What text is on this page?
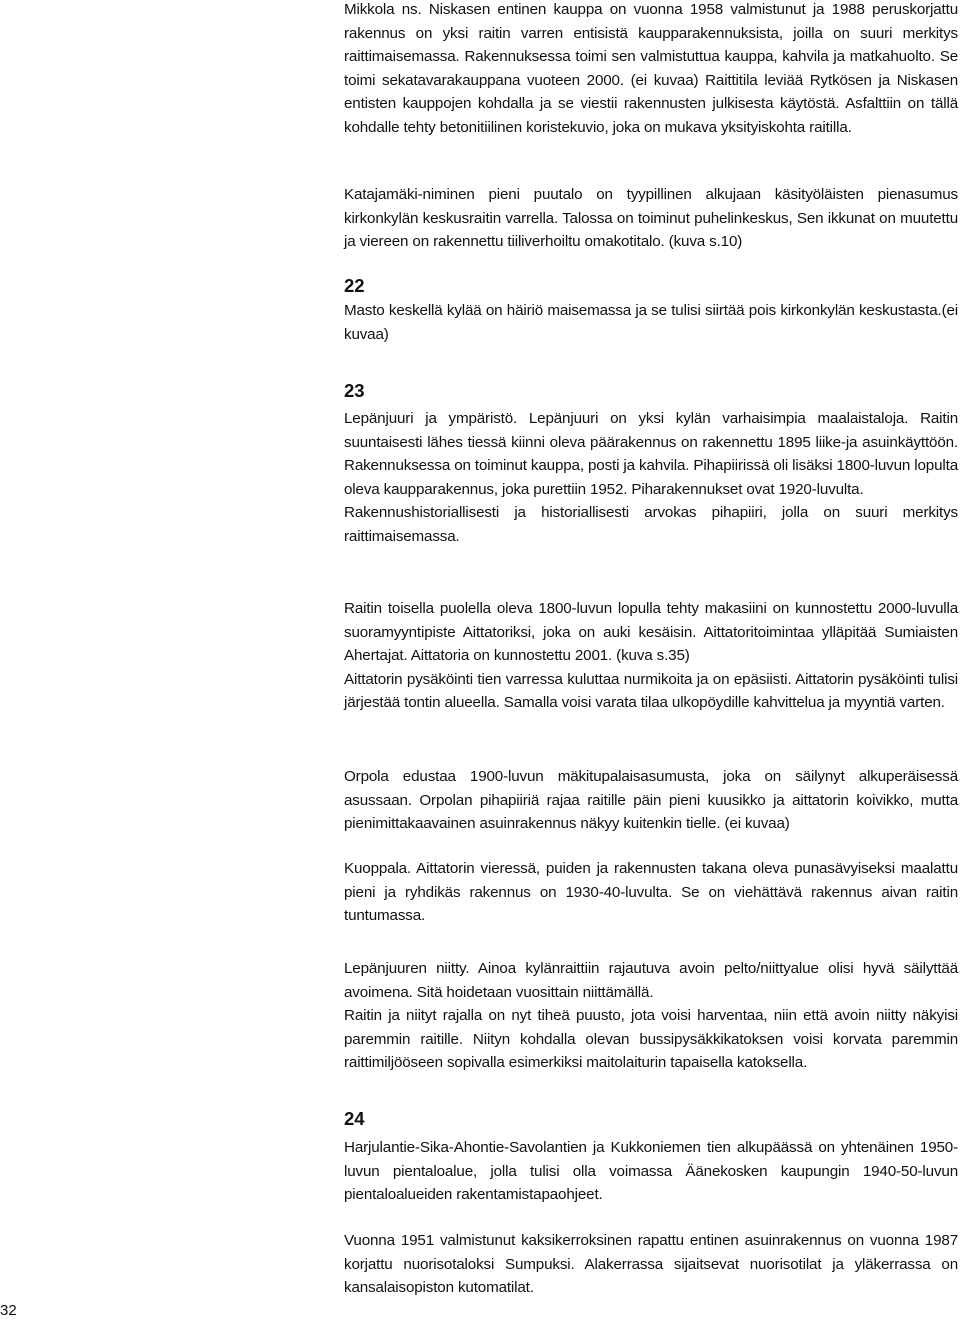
Mikkola ns. Niskasen entinen kauppa on vuonna 1958 valmistunut ja 1988 peruskorjattu rakennus on yksi raitin varren entisistä kaupparakennuksista, joilla on suuri merkitys raittimaisemassa. Rakennuksessa toimi sen valmistuttua kauppa, kahvila ja matkahuolto. Se toimi sekatavarakauppana vuoteen 2000. (ei kuvaa) Raittitila leviää Rytkösen ja Niskasen entisten kauppojen kohdalla ja se viestii rakennusten julkisesta käytöstä. Asfalttiin on tällä kohdalle tehty betonitiilinen koristekuvio, joka on mukava yksityiskohta raitilla.

Katajamäki-niminen pieni puutalo on tyypillinen alkujaan käsityöläisten pienasumus kirkonkylän keskusraitin varrella. Talossa on toiminut puhelinkeskus, Sen ikkunat on muutettu ja viereen on rakennettu tiiliverhoiltu omakotitalo. (kuva s.10)

22

Masto keskellä kylää on häiriö maisemassa ja se tulisi siirtää pois kirkonkylän keskustasta.(ei kuvaa)

23

Lepänjuuri ja ympäristö. Lepänjuuri on yksi kylän varhaisimpia maalaistaloja. Raitin suuntaisesti lähes tiessä kiinni oleva päärakennus on rakennettu 1895 liike-ja asuinkäyttöön. Rakennuksessa on toiminut kauppa, posti ja kahvila. Pihapiirissä oli lisäksi 1800-luvun lopulta oleva kaupparakennus, joka purettiin 1952. Piharakennukset ovat 1920-luvulta.

Rakennushistoriallisesti ja historiallisesti arvokas pihapiiri, jolla on suuri merkitys raittimaisemassa.

Raitin toisella puolella oleva 1800-luvun lopulla tehty makasiini on kunnostettu 2000-luvulla suoramyyntipiste Aittatoriksi, joka on auki kesäisin. Aittatoritoimintaa ylläpitää Sumiaisten Ahertajat. Aittatoria on kunnostettu 2001. (kuva s.35)

Aittatorin pysäköinti tien varressa kuluttaa nurmikoita ja on epäsiisti. Aittatorin pysäköinti tulisi järjestää tontin alueella. Samalla voisi varata tilaa ulkopöydille kahvittelua ja myyntiä varten.

Orpola edustaa 1900-luvun mäkitupalaisasumusta, joka on säilynyt alkuperäisessä asussaan. Orpolan pihapiiriä rajaa raitille päin pieni kuusikko ja aittatorin koivikko, mutta pienimittakaavainen asuinrakennus näkyy kuitenkin tielle. (ei kuvaa)

Kuoppala. Aittatorin vieressä, puiden ja rakennusten takana oleva punasävyiseksi maalattu pieni ja ryhdikäs rakennus on 1930-40-luvulta. Se on viehättävä rakennus aivan raitin tuntumassa.

Lepänjuuren niitty. Ainoa kylänraittiin rajautuva avoin pelto/niittyalue olisi hyvä säilyttää avoimena. Sitä hoidetaan vuosittain niittämällä.

Raitin ja niityt rajalla on nyt tiheä puusto, jota voisi harventaa, niin että avoin niitty näkyisi paremmin raitille. Niityn kohdalla olevan bussipysäkkikatoksen voisi korvata paremmin raittimiljööseen sopivalla esimerkiksi maitolaiturin tapaisella katoksella.

24

Harjulantie-Sika-Ahontie-Savolantien ja Kukkoniemen tien alkupäässä on yhtenäinen 1950-luvun pientaloalue, jolla tulisi olla voimassa Äänekosken kaupungin 1940-50-luvun pientaloalueiden rakentamistapaohjeet.

Vuonna 1951 valmistunut kaksikerroksinen rapattu entinen asuinrakennus on vuonna 1987 korjattu nuorisotaloksi Sumpuksi. Alakerrassa sijaitsevat nuorisotilat ja yläkerrassa on kansalaisopiston kutomatilat.

32
